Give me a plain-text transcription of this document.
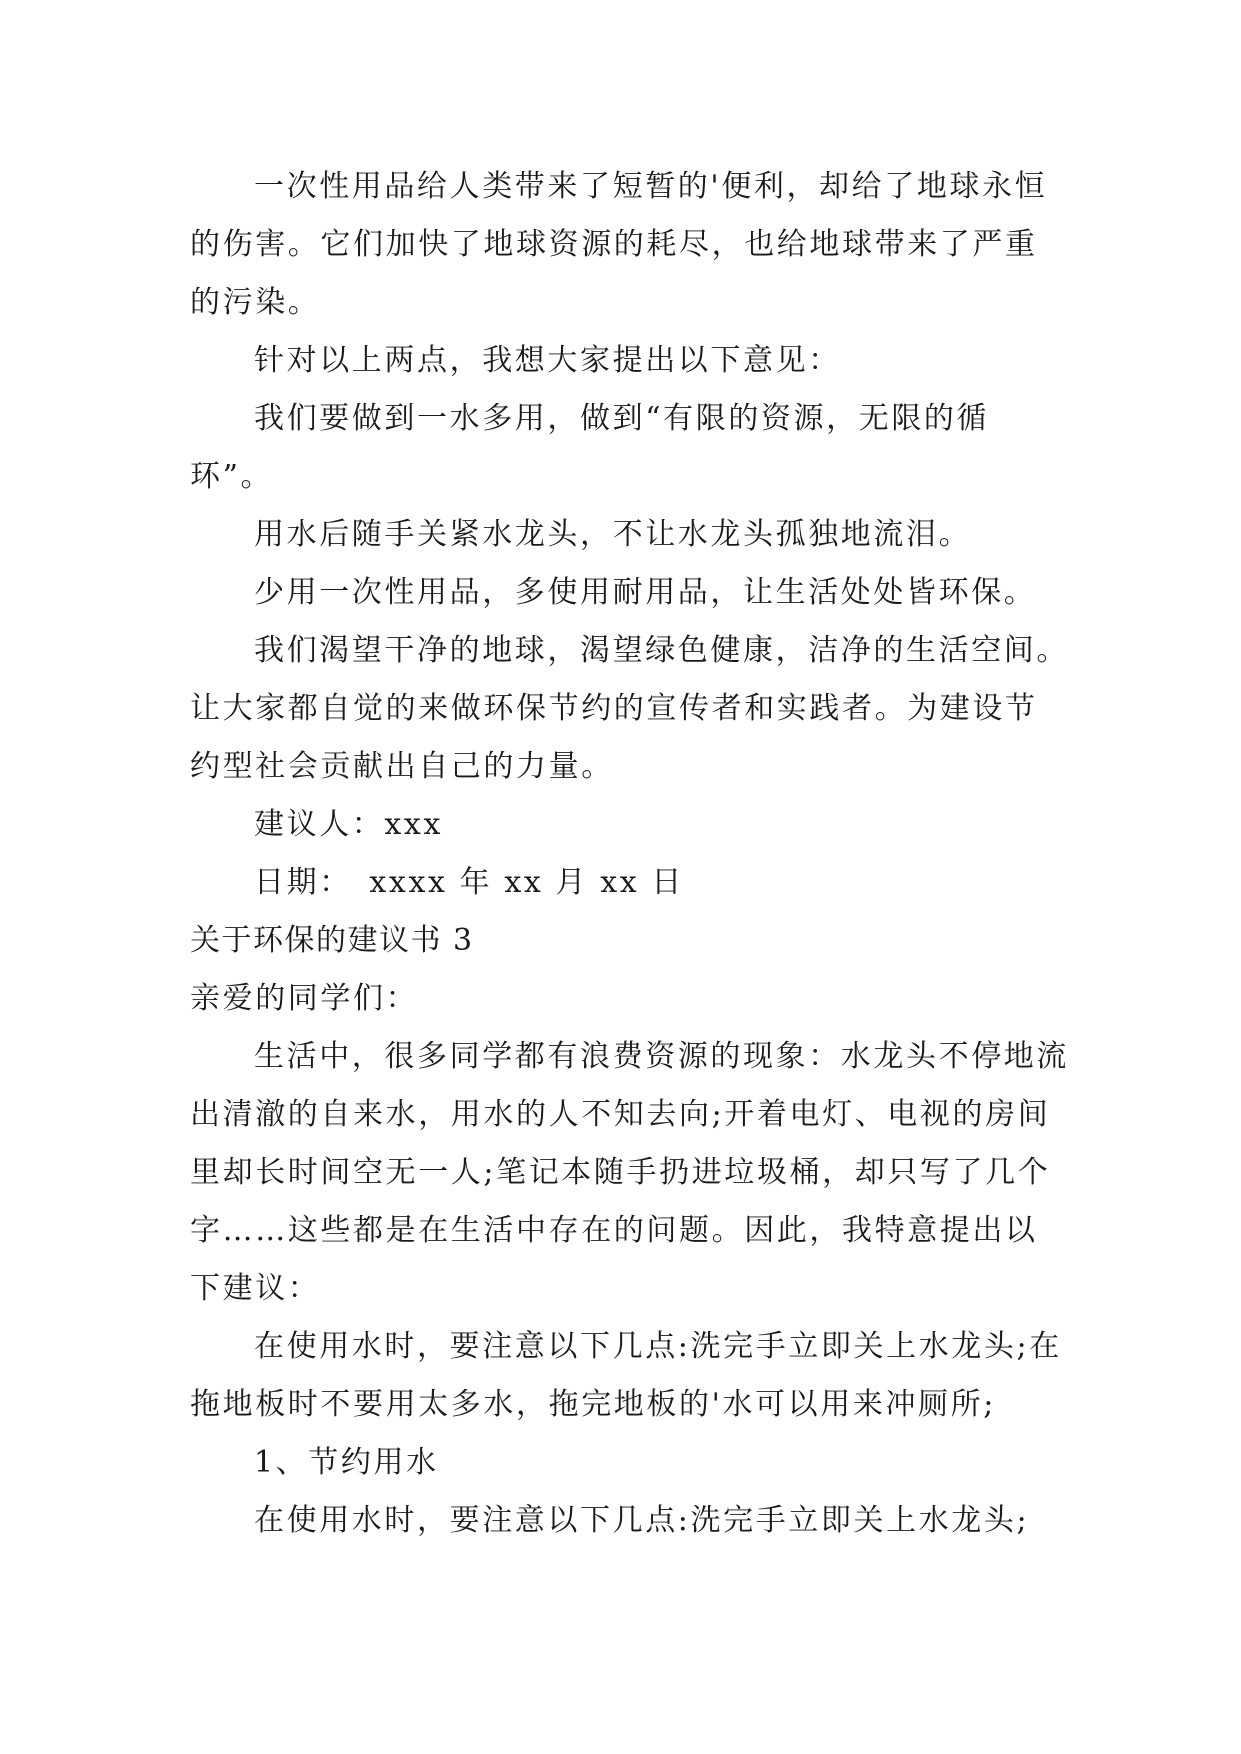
一次性用品给人类带来了短暂的'便利，却给了地球永恒的伤害。它们加快了地球资源的耗尽，也给地球带来了严重的污染。

针对以上两点，我想大家提出以下意见：

我们要做到一水多用，做到“有限的资源，无限的循环”。

用水后随手关紧水龙头，不让水龙头孤独地流泪。

少用一次性用品，多使用耐用品，让生活处处皆环保。

我们渴望干净的地球，渴望绿色健康，洁净的生活空间。让大家都自觉的来做环保节约的宣传者和实践者。为建设节约型社会贡献出自己的力量。

建议人：xxx

日期：　xxxx 年 xx 月 xx 日

关于环保的建议书 3

亲爱的同学们：

生活中，很多同学都有浪费资源的现象：水龙头不停地流出清澈的自来水，用水的人不知去向;开着电灯、电视的房间里却长时间空无一人;笔记本随手扔进垃圾桶，却只写了几个字……这些都是在生活中存在的问题。因此，我特意提出以下建议：

在使用水时，要注意以下几点:洗完手立即关上水龙头;在拖地板时不要用太多水，拖完地板的'水可以用来冲厕所;

1、节约用水

在使用水时，要注意以下几点:洗完手立即关上水龙头;
